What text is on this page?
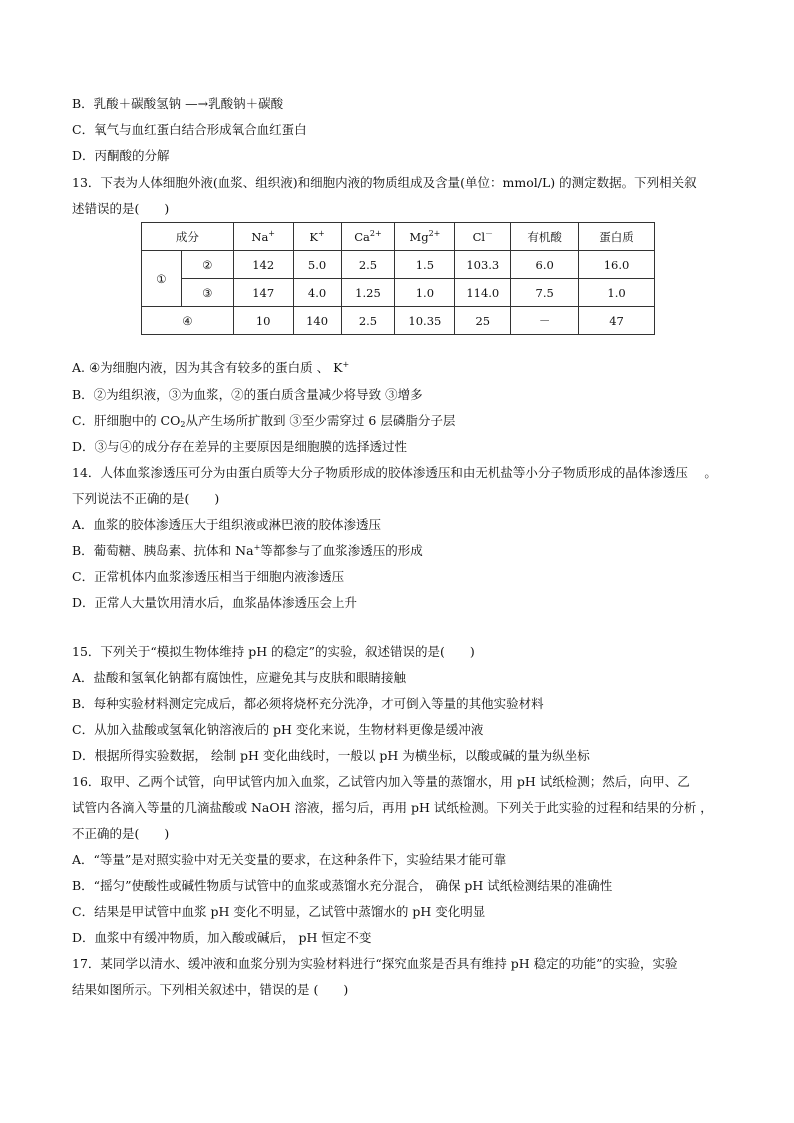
B．乳酸＋碳酸氢钠 —→乳酸钠＋碳酸
C．氧气与血红蛋白结合形成氧合血红蛋白
D．丙酮酸的分解
13．下表为人体细胞外液(血浆、组织液)和细胞内液的物质组成及含量(单位：mmol/L) 的测定数据。下列相关叙
述错误的是(　　)
成分		Na+	K+	$Ca^{2+}$	$Mg^{2+}$	Cl－	有机酸	蛋白质
①	②	142	5.0	2.5	1.5	103.3	6.0	16.0
	③	147	4.0	1.25	1.0	114.0	7.5	1.0
④		10	140	2.5	10.35	25	－	47
A. ④为细胞内液，因为其含有较多的蛋白质 、 K+
B．②为组织液，③为血浆，②的蛋白质含量减少将导致 ③增多
C．肝细胞中的 $CO_2$从产生场所扩散到 ③至少需穿过 6 层磷脂分子层
D．③与④的成分存在差异的主要原因是细胞膜的选择透过性
14．人体血浆渗透压可分为由蛋白质等大分子物质形成的胶体渗透压和由无机盐等小分子物质形成的晶体渗透压　 。
下列说法不正确的是(　　)
A．血浆的胶体渗透压大于组织液或淋巴液的胶体渗透压
B．葡萄糖、胰岛素、抗体和 Na+等都参与了血浆渗透压的形成
C．正常机体内血浆渗透压相当于细胞内液渗透压
D．正常人大量饮用清水后，血浆晶体渗透压会上升
15．下列关于“模拟生物体维持 pH 的稳定”的实验，叙述错误的是(　　)
A．盐酸和氢氧化钠都有腐蚀性，应避免其与皮肤和眼睛接触
B．每种实验材料测定完成后，都必须将烧杯充分洗净，才可倒入等量的其他实验材料
C．从加入盐酸或氢氧化钠溶液后的 pH 变化来说，生物材料更像是缓冲液
D．根据所得实验数据， 绘制 pH 变化曲线时，一般以 pH 为横坐标，以酸或碱的量为纵坐标
16．取甲、乙两个试管，向甲试管内加入血浆，乙试管内加入等量的蒸馏水，用 pH 试纸检测；然后，向甲、乙
试管内各滴入等量的几滴盐酸或 NaOH 溶液，摇匀后，再用 pH 试纸检测。下列关于此实验的过程和结果的分析 ，
不正确的是(　　)
A．“等量”是对照实验中对无关变量的要求，在这种条件下，实验结果才能可靠
B．“摇匀”使酸性或碱性物质与试管中的血浆或蒸馏水充分混合， 确保 pH 试纸检测结果的准确性
C．结果是甲试管中血浆 pH 变化不明显，乙试管中蒸馏水的 pH 变化明显
D．血浆中有缓冲物质，加入酸或碱后， pH 恒定不变
17．某同学以清水、缓冲液和血浆分别为实验材料进行“探究血浆是否具有维持 pH 稳定的功能”的实验，实验
结果如图所示。下列相关叙述中，错误的是 (　　)
